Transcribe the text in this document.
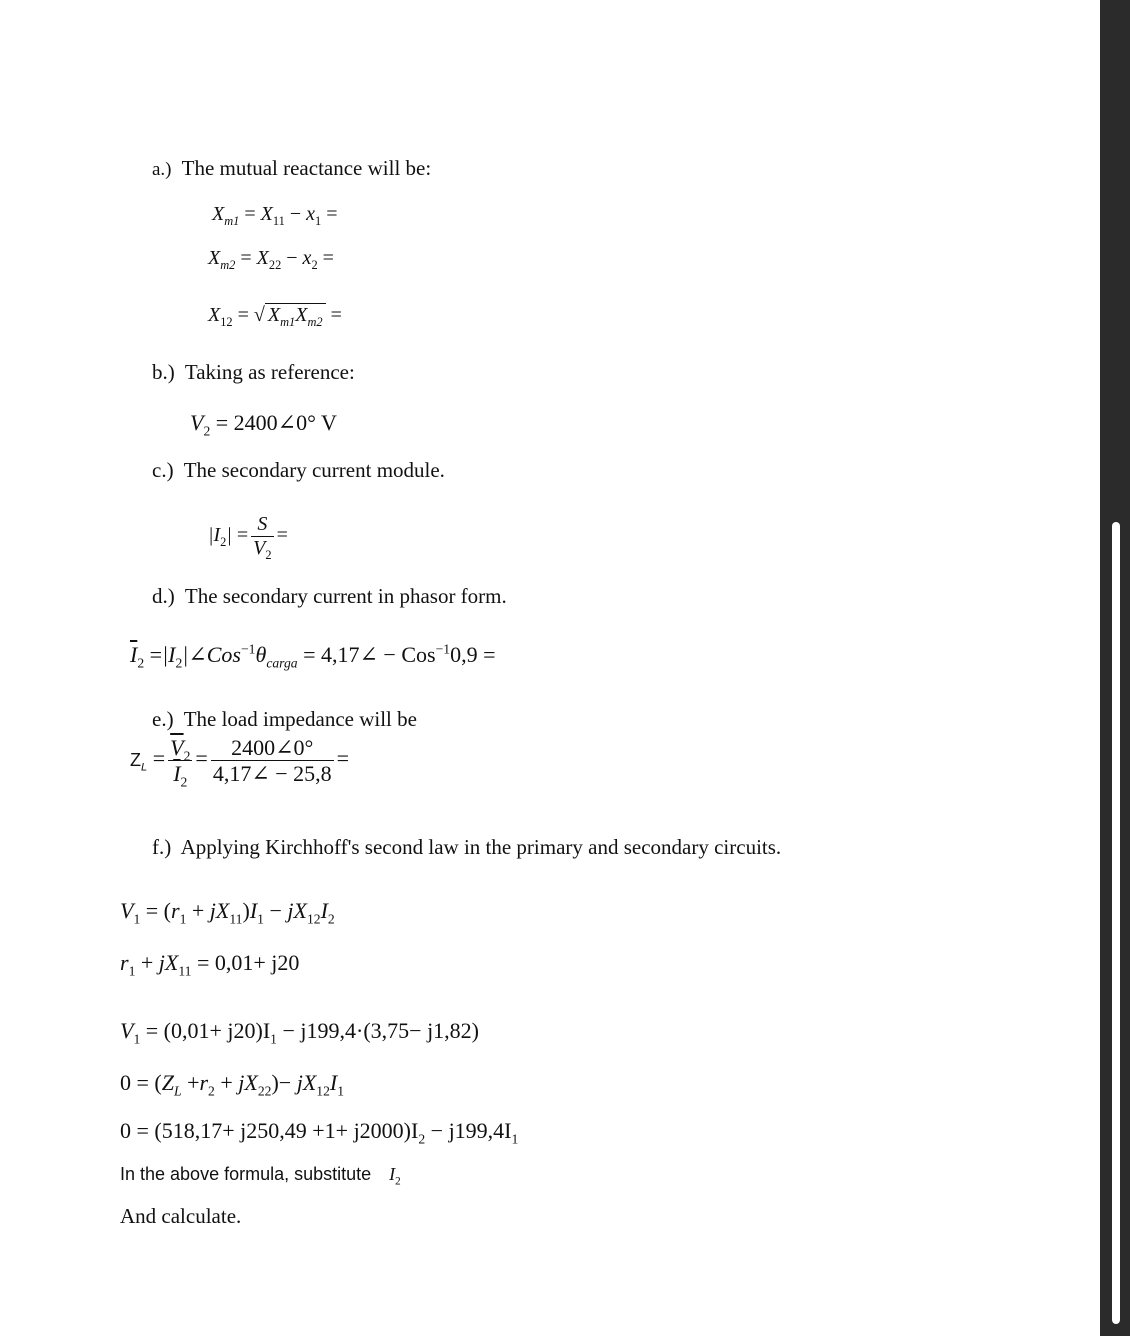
a.) The mutual reactance will be:
$X_{m1} = X_{11} - x_1$ =
$X_{m2} = X_{22} - x_2$ =
$X_{12}$ = √ $X_{m1}X_{m2}$ =
b.) Taking as reference:
$V_2$ = 2400∠0° V
c.) The secondary current module.
$|I_2| = \frac{S}{V_2}$ =
d.) The secondary current in phasor form.
$\overline{I}_2$ $=|I_2|\angle Cos^{-1}\theta_{carga}$ = 4,17∠ − Cos$^{-1}$0,9 =
e.) The load impedance will be
$Z_L = \frac{\overline{V}_2}{\overline{I}_2} = \frac{2400\angle 0^\circ}{4,17\angle - 25,8}$ =
f.) Applying Kirchhoff's second law in the primary and secondary circuits.
$V_1 = (r_1 + jX_{11})I_1 - jX_{12}I_2$
$r_1 + jX_{11} = 0,01+ j20$
$V_1 = (0,01+ j20)I_1 - j199,4\cdot(3,75- j1,82)$
$0 = (Z_L +r_2 + jX_{22})- jX_{12}I_1$
$0 = (518,17+ j250,49 +1+ j2000)I_2 - j199,4I_1$
In the above formula, substitute $I_2$
And calculate.
